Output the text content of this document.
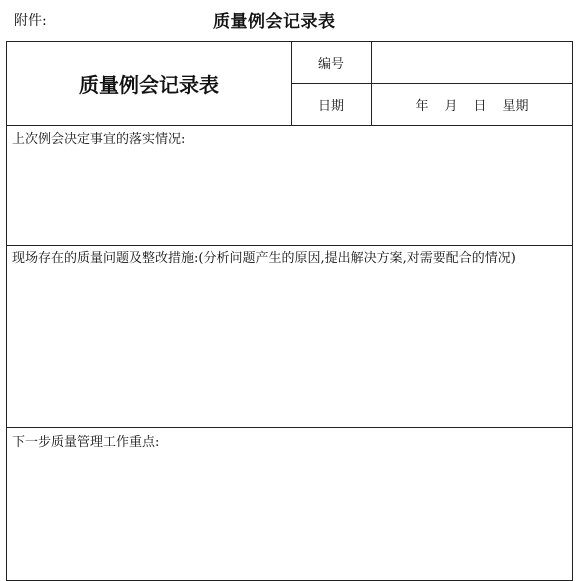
附件:	质量例会记录表
质量例会记录表
编号
日期	年 月 日 星期
上次例会决定事宜的落实情况:
现场存在的质量问题及整改措施:(分析问题产生的原因,提出解决方案,对需要配合的情况)
下一步质量管理工作重点:
